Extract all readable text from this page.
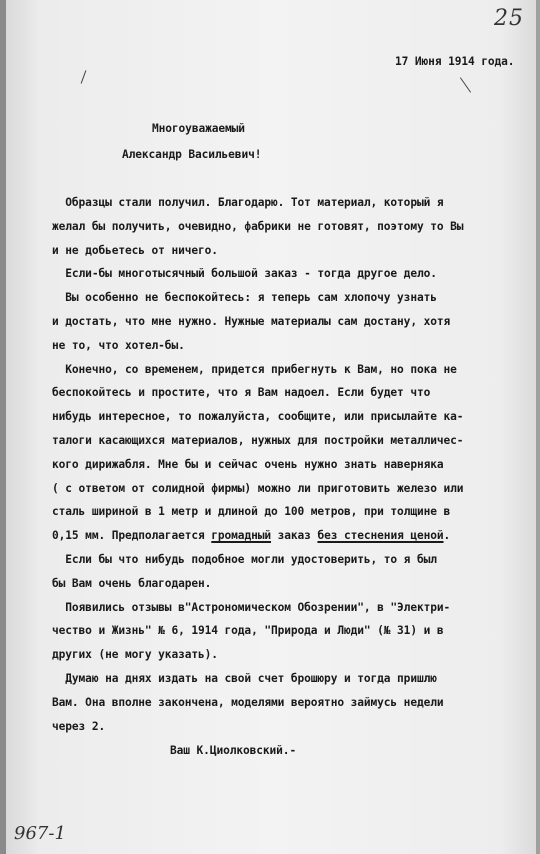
25
17 Июня 1914 года.
Многоуважаемый
Александр Васильевич!
Образцы стали получил. Благодарю. Тот материал, который я
желал бы получить, очевидно, фабрики не готовят, поэтому то Вы
и не добьетесь от ничего.
Если-бы многотысячный большой заказ - тогда другое дело.
Вы особенно не беспокойтесь: я теперь сам хлопочу узнать
и достать, что мне нужно. Нужные материалы сам достану, хотя
не то, что хотел-бы.
Конечно, со временем, придется прибегнуть к Вам, но пока не
беспокойтесь и простите, что я Вам надоел. Если будет что
нибудь интересное, то пожалуйста, сообщите, или присылайте ка-
талоги касающихся материалов, нужных для постройки металличес-
кого дирижабля. Мне бы и сейчас очень нужно знать наверняка
( с ответом от солидной фирмы) можно ли приготовить железо или
сталь шириной в 1 метр и длиной до 100 метров, при толщине в
0,15 мм. Предполагается громадный заказ без стеснения ценой.
Если бы что нибудь подобное могли удостоверить, то я был
бы Вам очень благодарен.
Появились отзывы в"Астрономическом Обозрении", в "Электри-
чество и Жизнь" № 6, 1914 года, "Природа и Люди" (№ 31) и в
других (не могу указать).
Думаю на днях издать на свой счет брошюру и тогда пришлю
Вам. Она вполне закончена, моделями вероятно займусь недели
через 2.
Ваш К.Циолковский.-
967-1
